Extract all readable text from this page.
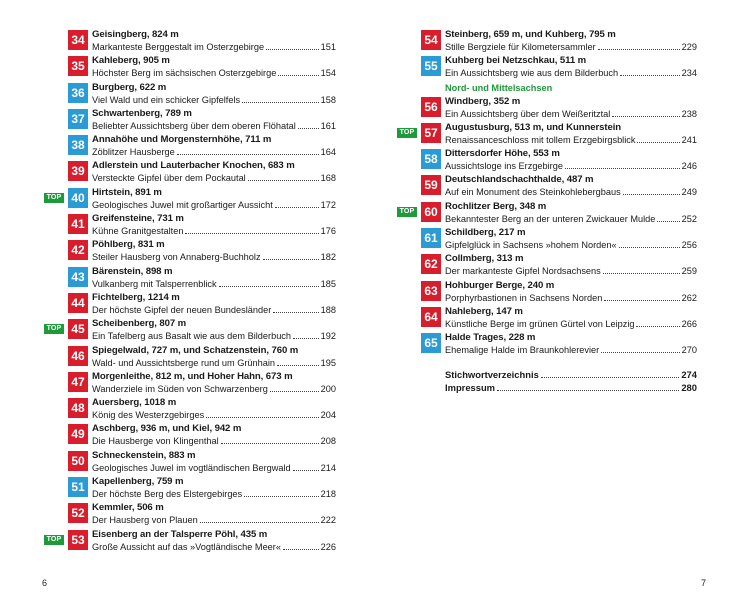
34 Geisingberg, 824 m
Markanteste Berggestalt im Osterzgebirge	151
35 Kahleberg, 905 m
Höchster Berg im sächsischen Osterzgebirge	154
36 Burgberg, 622 m
Viel Wald und ein schicker Gipfelfels	158
37 Schwartenberg, 789 m
Beliebter Aussichtsberg über dem oberen Flöhatal	161
38 Annahöhe und Morgensternhöhe, 711 m
Zöblitzer Hausberge	164
39 Adlerstein und Lauterbacher Knochen, 683 m
Versteckte Gipfel über dem Pockautal	168
TOP 40 Hirtstein, 891 m
Geologisches Juwel mit großartiger Aussicht	172
41 Greifensteine, 731 m
Kühne Granitgestalten	176
42 Pöhlberg, 831 m
Steiler Hausberg von Annaberg-Buchholz	182
43 Bärenstein, 898 m
Vulkanberg mit Talsperrenblick	185
44 Fichtelberg, 1214 m
Der höchste Gipfel der neuen Bundesländer	188
TOP 45 Scheibenberg, 807 m
Ein Tafelberg aus Basalt wie aus dem Bilderbuch	192
46 Spiegelwald, 727 m, und Schatzenstein, 760 m
Wald- und Aussichtsberge rund um Grünhain	195
47 Morgenleithe, 812 m, und Hoher Hahn, 673 m
Wanderziele im Süden von Schwarzenberg	200
48 Auersberg, 1018 m
König des Westerzgebirges	204
49 Aschberg, 936 m, und Kiel, 942 m
Die Hausberge von Klingenthal	208
50 Schneckenstein, 883 m
Geologisches Juwel im vogtländischen Bergwald	214
51 Kapellenberg, 759 m
Der höchste Berg des Elstergebirges	218
52 Kemmler, 506 m
Der Hausberg von Plauen	222
TOP 53 Eisenberg an der Talsperre Pöhl, 435 m
Große Aussicht auf das »Vogtländische Meer«	226
6
54 Steinberg, 659 m, und Kuhberg, 795 m
Stille Bergziele für Kilometersammler	229
55 Kuhberg bei Netzschkau, 511 m
Ein Aussichtsberg wie aus dem Bilderbuch	234
Nord- und Mittelsachsen
56 Windberg, 352 m
Ein Aussichtsberg über dem Weißeritztal	238
TOP 57 Augustusburg, 513 m, und Kunnerstein
Renaissanceschloss mit tollem Erzgebirgsblick	241
58 Dittersdorfer Höhe, 553 m
Aussichtsloge ins Erzgebirge	246
59 Deutschlandschachthalde, 487 m
Auf ein Monument des Steinkohlebergbaus	249
TOP 60 Rochlitzer Berg, 348 m
Bekanntester Berg an der unteren Zwickauer Mulde	252
61 Schildberg, 217 m
Gipfelglück in Sachsens »hohem Norden«	256
62 Collmberg, 313 m
Der markanteste Gipfel Nordsachsens	259
63 Hohburger Berge, 240 m
Porphyrbastionen in Sachsens Norden	262
64 Nahleberg, 147 m
Künstliche Berge im grünen Gürtel von Leipzig	266
65 Halde Trages, 228 m
Ehemalige Halde im Braunkohlerevier	270
Stichwortverzeichnis	274
Impressum	280
7
